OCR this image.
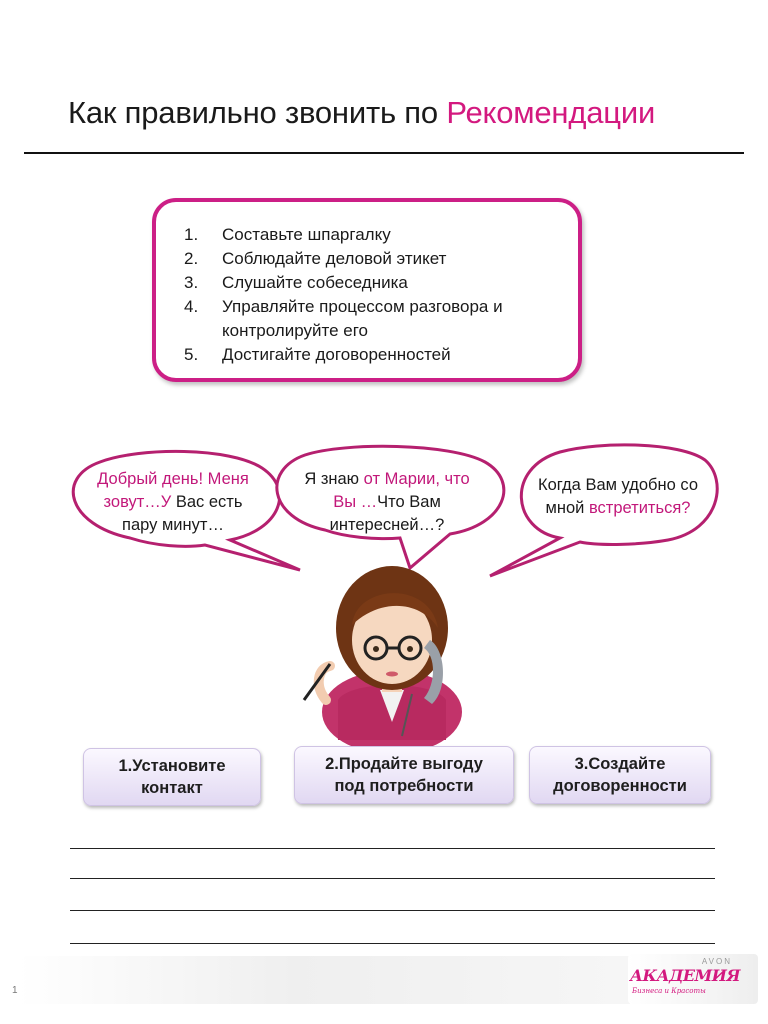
Как правильно звонить по Рекомендации
1.	Составьте шпаргалку
2.	Соблюдайте деловой этикет
3.	Слушайте собеседника
4.	Управляйте процессом разговора и контролируйте его
5.	Достигайте договоренностей
Добрый день! Меня
зовут…У Вас есть
пару минут…
Я знаю от Марии, что
Вы …Что Вам
интересней…?
Когда Вам удобно со
мной встретиться?
1.Установите
контакт
2.Продайте выгоду
под потребности
3.Создайте
договоренности
1
AVON
АКАДЕМИЯ
Бизнеса и Красоты
